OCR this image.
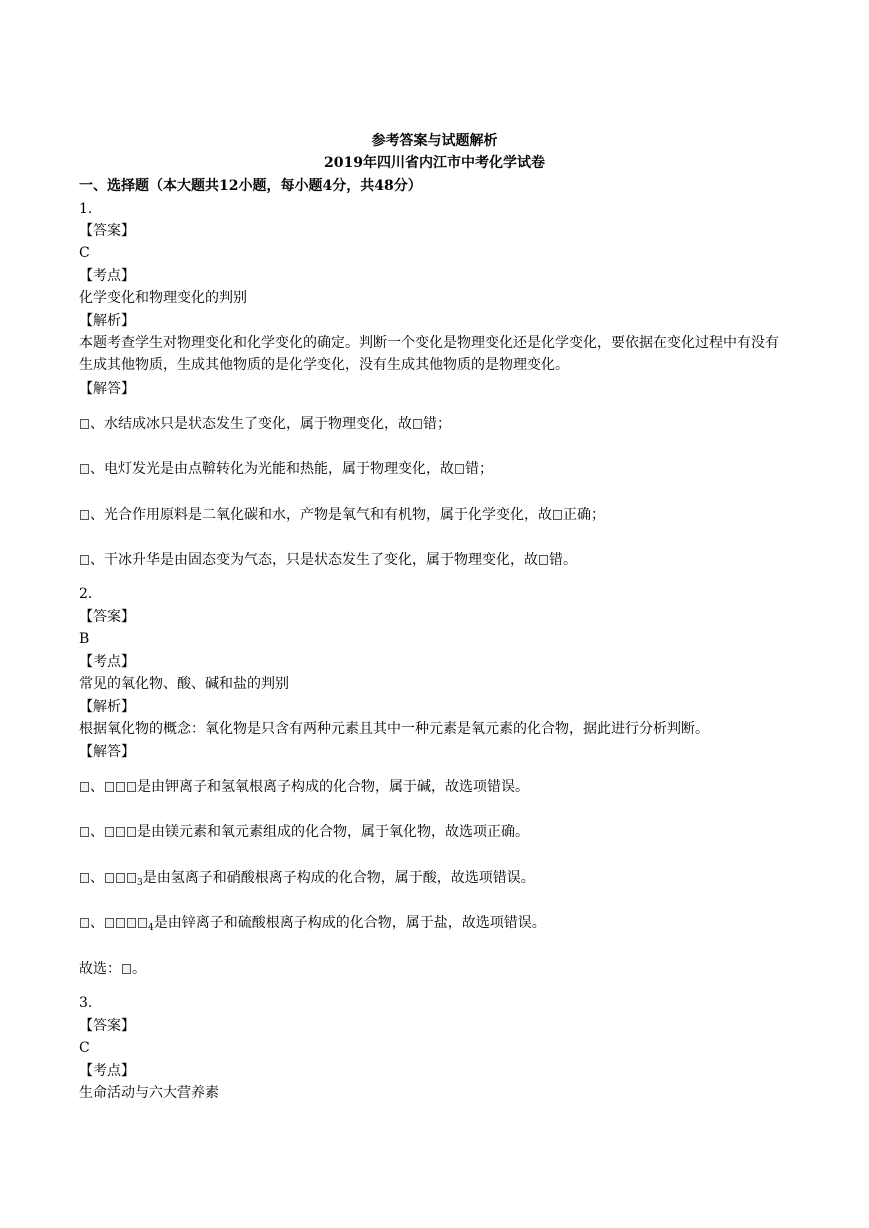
参考答案与试题解析
2019年四川省内江市中考化学试卷
一、选择题（本大题共12小题，每小题4分，共48分）
1.
【答案】
C
【考点】
化学变化和物理变化的判别
【解析】
本题考查学生对物理变化和化学变化的确定。判断一个变化是物理变化还是化学变化，要依据在变化过程中有没有生成其他物质，生成其他物质的是化学变化，没有生成其他物质的是物理变化。
【解答】
、水结成冰只是状态发生了变化，属于物理变化，故 错；
、电灯发光是由点鞥转化为光能和热能，属于物理变化，故 错；
、光合作用原料是二氧化碳和水，产物是氧气和有机物，属于化学变化，故 正确；
、干冰升华是由固态变为气态，只是状态发生了变化，属于物理变化，故 错。
2.
【答案】
B
【考点】
常见的氧化物、酸、碱和盐的判别
【解析】
根据氧化物的概念：氧化物是只含有两种元素且其中一种元素是氧元素的化合物，据此进行分析判断。
【解答】
、 是由钾离子和氢氧根离子构成的化合物，属于碱，故选项错误。
、 是由镁元素和氧元素组成的化合物，属于氧化物，故选项正确。
、	$_3$是由氢离子和硝酸根离子构成的化合物，属于酸，故选项错误。
、	$_4$是由锌离子和硫酸根离子构成的化合物，属于盐，故选项错误。
故选： 。
3.
【答案】
C
【考点】
生命活动与六大营养素
